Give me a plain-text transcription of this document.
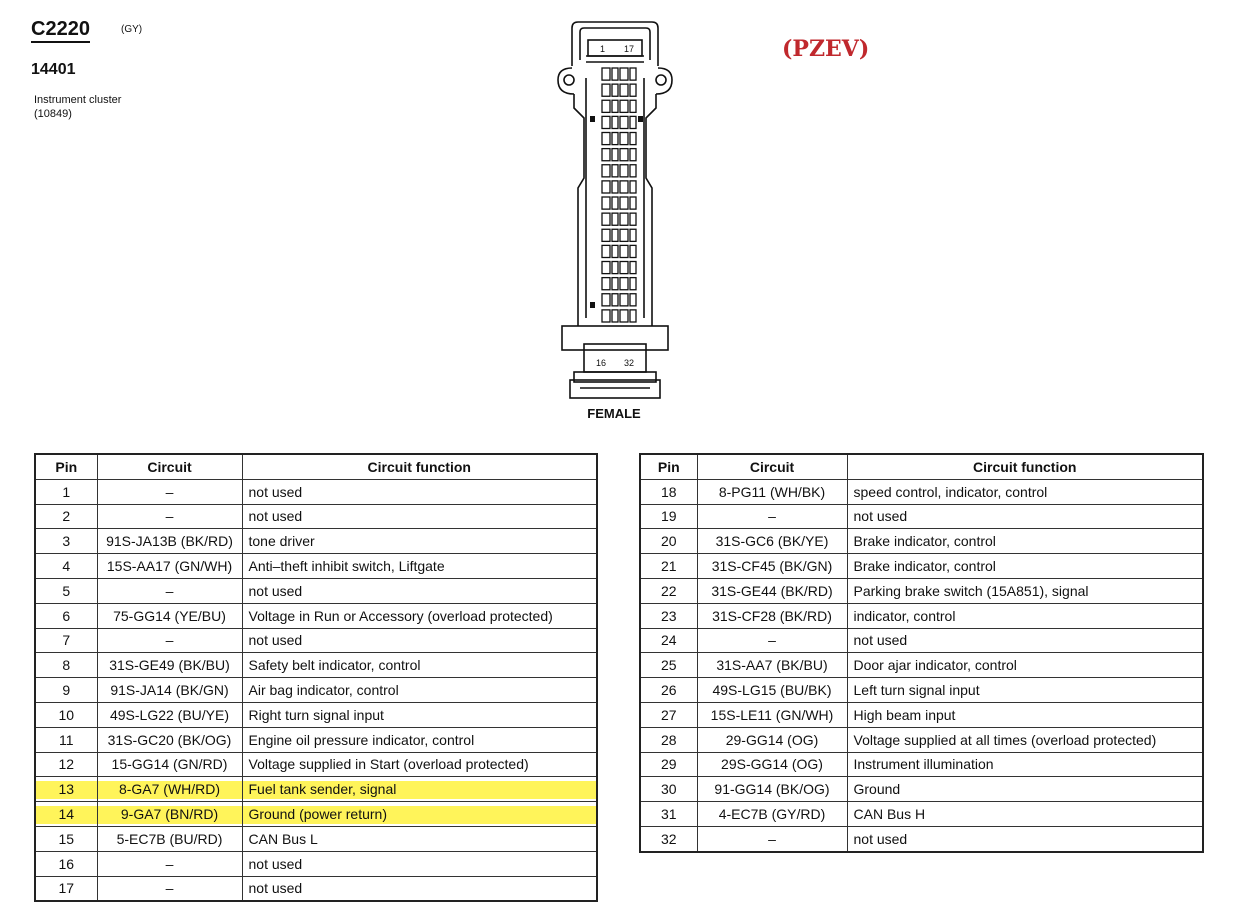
C2220	(GY)
14401
Instrument cluster
(10849)
(PZEV)
1 17
16 32
FEMALE
Pin	Circuit	Circuit function
1	–	not used
2	–	not used
3	91S-JA13B (BK/RD)	tone driver
4	15S-AA17 (GN/WH)	Anti–theft inhibit switch, Liftgate
5	–	not used
6	75-GG14 (YE/BU)	Voltage in Run or Accessory (overload protected)
7	–	not used
8	31S-GE49 (BK/BU)	Safety belt indicator, control
9	91S-JA14 (BK/GN)	Air bag indicator, control
10	49S-LG22 (BU/YE)	Right turn signal input
11	31S-GC20 (BK/OG)	Engine oil pressure indicator, control
12	15-GG14 (GN/RD)	Voltage supplied in Start (overload protected)
13	8-GA7 (WH/RD)	Fuel tank sender, signal
14	9-GA7 (BN/RD)	Ground (power return)
15	5-EC7B (BU/RD)	CAN Bus L
16	–	not used
17	–	not used
Pin	Circuit	Circuit function
18	8-PG11 (WH/BK)	speed control, indicator, control
19	–	not used
20	31S-GC6 (BK/YE)	Brake indicator, control
21	31S-CF45 (BK/GN)	Brake indicator, control
22	31S-GE44 (BK/RD)	Parking brake switch (15A851), signal
23	31S-CF28 (BK/RD)	indicator, control
24	–	not used
25	31S-AA7 (BK/BU)	Door ajar indicator, control
26	49S-LG15 (BU/BK)	Left turn signal input
27	15S-LE11 (GN/WH)	High beam input
28	29-GG14 (OG)	Voltage supplied at all times (overload protected)
29	29S-GG14 (OG)	Instrument illumination
30	91-GG14 (BK/OG)	Ground
31	4-EC7B (GY/RD)	CAN Bus H
32	–	not used
